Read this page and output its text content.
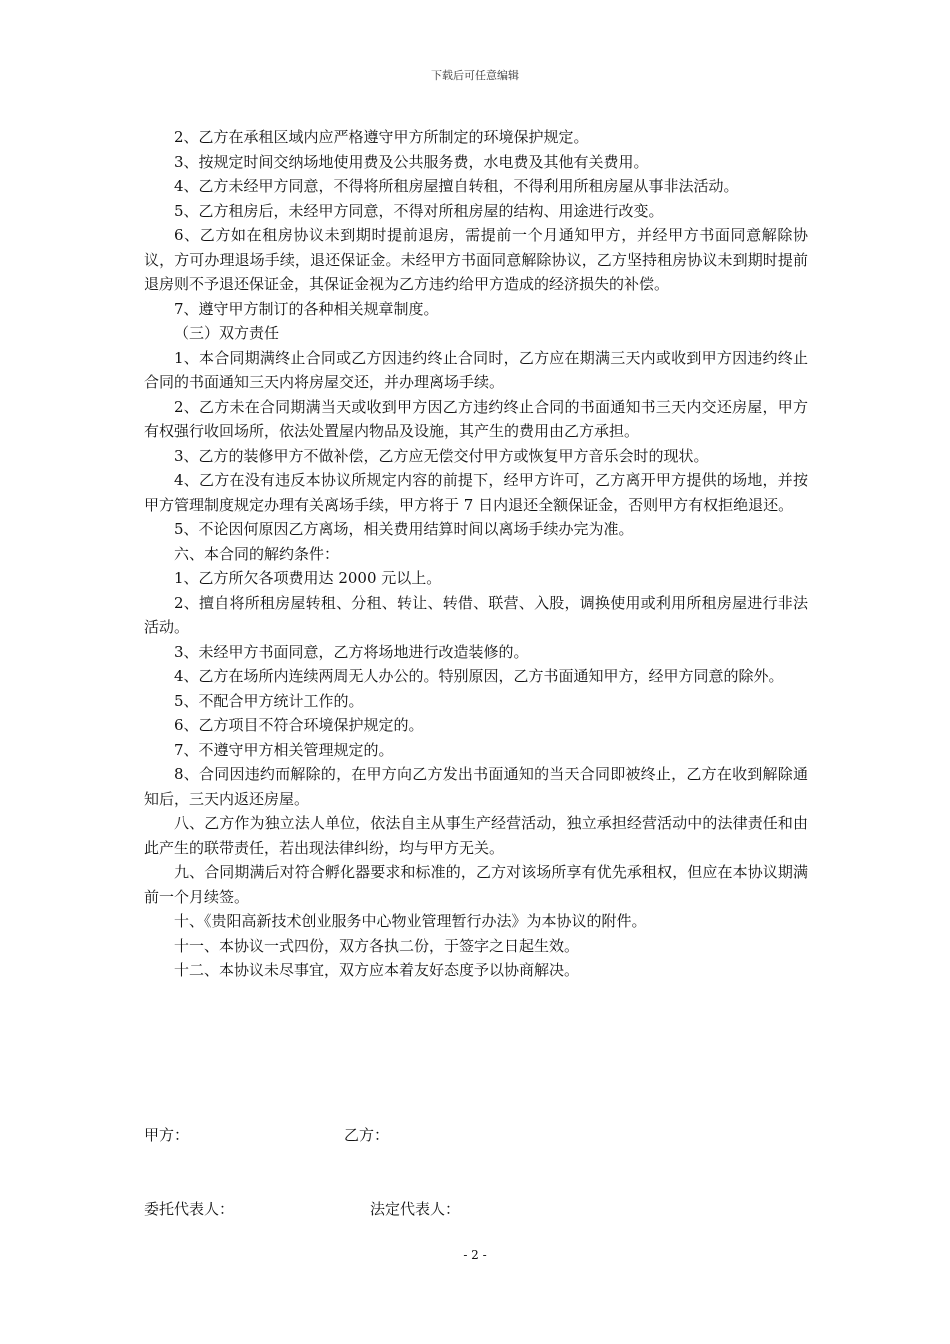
下载后可任意编辑

2、乙方在承租区域内应严格遵守甲方所制定的环境保护规定。

3、按规定时间交纳场地使用费及公共服务费，水电费及其他有关费用。

4、乙方未经甲方同意，不得将所租房屋擅自转租，不得利用所租房屋从事非法活动。

5、乙方租房后，未经甲方同意，不得对所租房屋的结构、用途进行改变。

6、乙方如在租房协议未到期时提前退房，需提前一个月通知甲方，并经甲方书面同意解除协议，方可办理退场手续，退还保证金。未经甲方书面同意解除协议，乙方坚持租房协议未到期时提前退房则不予退还保证金，其保证金视为乙方违约给甲方造成的经济损失的补偿。

7、遵守甲方制订的各种相关规章制度。

（三）双方责任

1、本合同期满终止合同或乙方因违约终止合同时，乙方应在期满三天内或收到甲方因违约终止合同的书面通知三天内将房屋交还，并办理离场手续。

2、乙方未在合同期满当天或收到甲方因乙方违约终止合同的书面通知书三天内交还房屋，甲方有权强行收回场所，依法处置屋内物品及设施，其产生的费用由乙方承担。

3、乙方的装修甲方不做补偿，乙方应无偿交付甲方或恢复甲方音乐会时的现状。

4、乙方在没有违反本协议所规定内容的前提下，经甲方许可，乙方离开甲方提供的场地，并按甲方管理制度规定办理有关离场手续，甲方将于 7 日内退还全额保证金，否则甲方有权拒绝退还。

5、不论因何原因乙方离场，相关费用结算时间以离场手续办完为准。

六、本合同的解约条件：

1、乙方所欠各项费用达 2000 元以上。

2、擅自将所租房屋转租、分租、转让、转借、联营、入股，调换使用或利用所租房屋进行非法活动。

3、未经甲方书面同意，乙方将场地进行改造装修的。

4、乙方在场所内连续两周无人办公的。特别原因，乙方书面通知甲方，经甲方同意的除外。

5、不配合甲方统计工作的。

6、乙方项目不符合环境保护规定的。

7、不遵守甲方相关管理规定的。

8、合同因违约而解除的，在甲方向乙方发出书面通知的当天合同即被终止，乙方在收到解除通知后，三天内返还房屋。

八、乙方作为独立法人单位，依法自主从事生产经营活动，独立承担经营活动中的法律责任和由此产生的联带责任，若出现法律纠纷，均与甲方无关。

九、合同期满后对符合孵化器要求和标准的，乙方对该场所享有优先承租权，但应在本协议期满前一个月续签。

十、《贵阳高新技术创业服务中心物业管理暂行办法》为本协议的附件。

十一、本协议一式四份，双方各执二份，于签字之日起生效。

十二、本协议未尽事宜，双方应本着友好态度予以协商解决。

甲方：	乙方：
委托代表人：	法定代表人：
- 2 -
